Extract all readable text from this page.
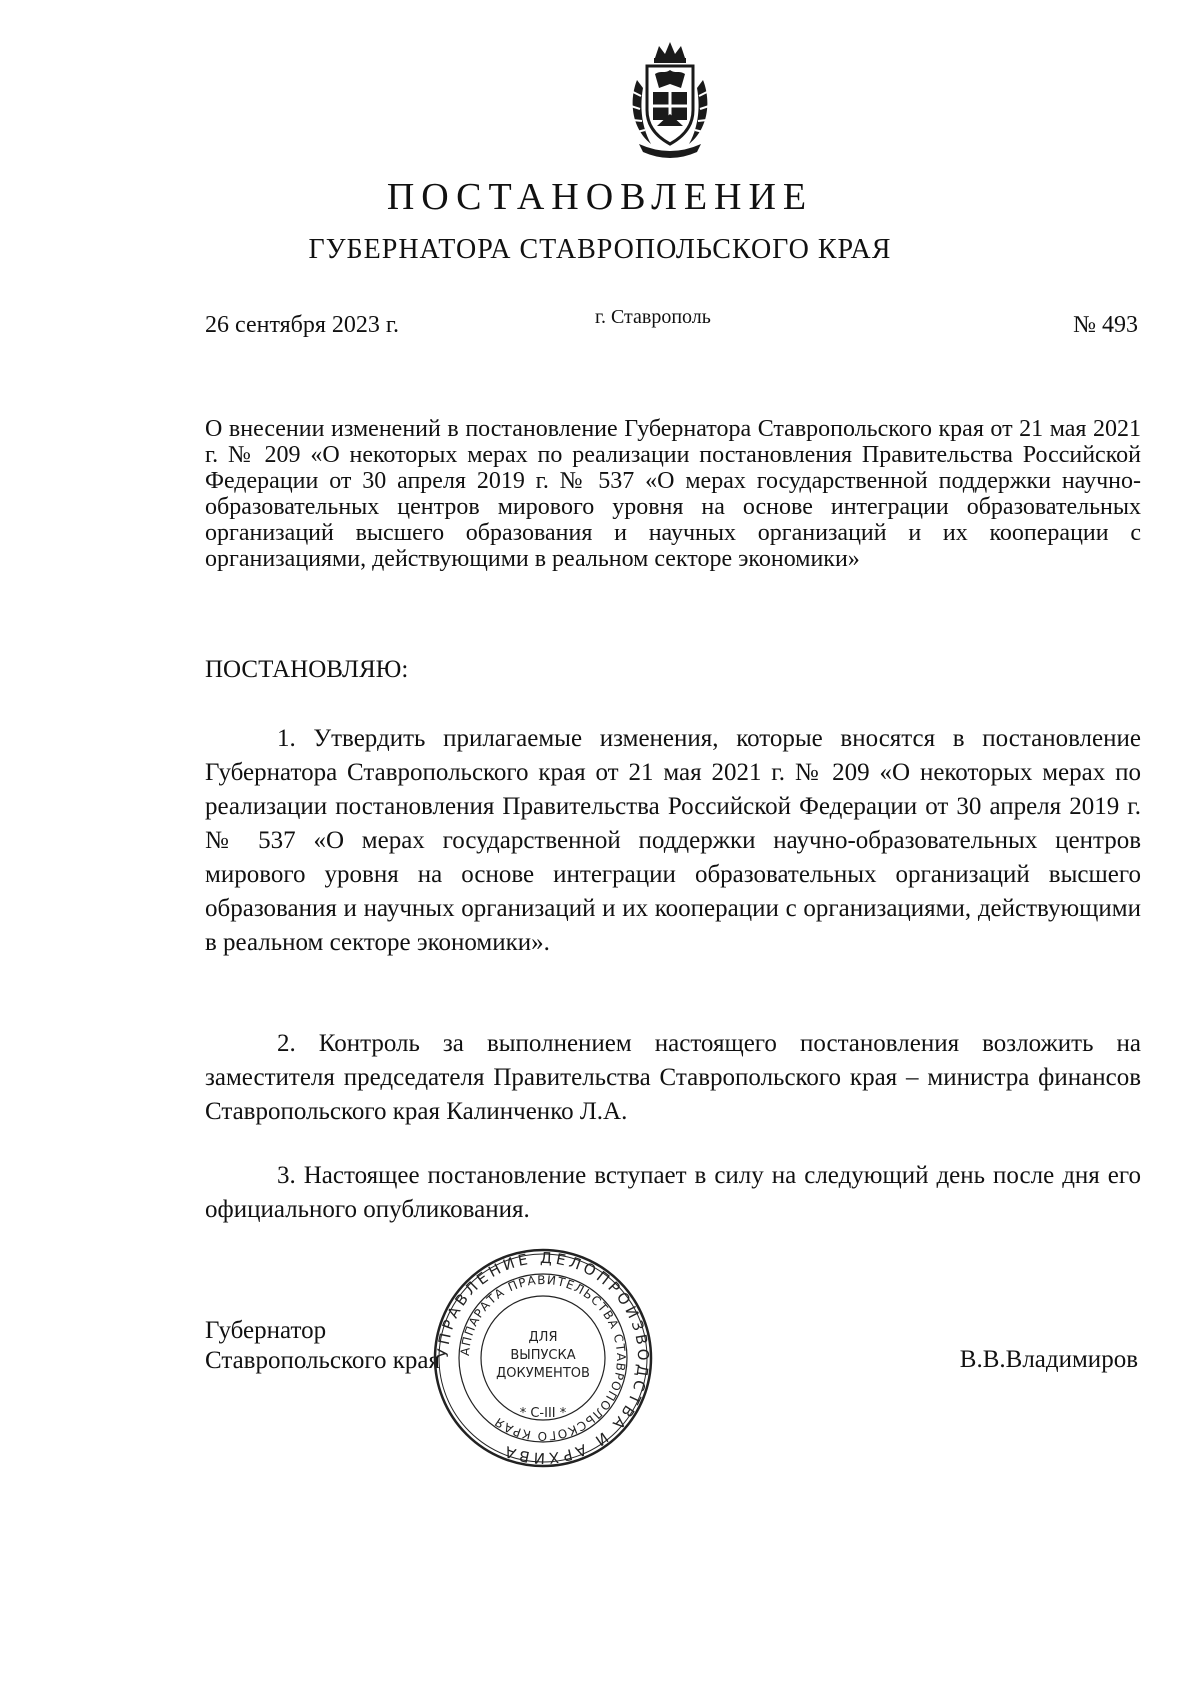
ПОСТАНОВЛЕНИЕ
ГУБЕРНАТОРА СТАВРОПОЛЬСКОГО КРАЯ
26 сентября 2023 г.	г. Ставрополь	№ 493
О внесении изменений в постановление Губернатора Ставропольского края от 21 мая 2021 г. № 209 «О некоторых мерах по реализации постановления Правительства Российской Федерации от 30 апреля 2019 г. № 537 «О мерах государственной поддержки научно-образовательных центров мирового уровня на основе интеграции образовательных организаций высшего образования и научных организаций и их кооперации с организациями, действующими в реальном секторе экономики»
ПОСТАНОВЛЯЮ:
1. Утвердить прилагаемые изменения, которые вносятся в постановление Губернатора Ставропольского края от 21 мая 2021 г. № 209 «О некоторых мерах по реализации постановления Правительства Российской Федерации от 30 апреля 2019 г. № 537 «О мерах государственной поддержки научно-образовательных центров мирового уровня на основе интеграции образовательных организаций высшего образования и научных организаций и их кооперации с организациями, действующими в реальном секторе экономики».
2. Контроль за выполнением настоящего постановления возложить на заместителя председателя Правительства Ставропольского края – министра финансов Ставропольского края Калинченко Л.А.
3. Настоящее постановление вступает в силу на следующий день после дня его официального опубликования.
Губернатор
Ставропольского края	В.В.Владимиров
УПРАВЛЕНИЕ ДЕЛОПРОИЗВОДСТВА И АРХИВА
АППАРАТА ПРАВИТЕЛЬСТВА СТАВРОПОЛЬСКОГО КРАЯ
ДЛЯ
ВЫПУСКА
ДОКУМЕНТОВ
* С-III *
